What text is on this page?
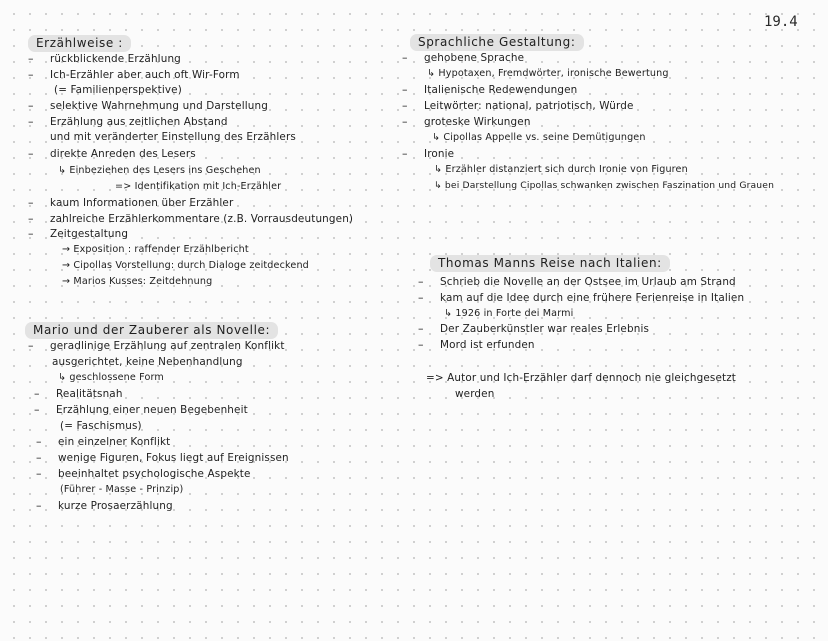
19.4
Erzählweise :
– rückblickende Erzählung
– Ich-Erzähler aber auch oft Wir-Form
(= Familienperspektive)
– selektive Wahrnehmung und Darstellung
– Erzählung aus zeitlichen Abstand
und mit veränderter Einstellung des Erzählers
– direkte Anreden des Lesers
↳ Einbeziehen des Lesers ins Geschehen
=> Identifikation mit Ich-Erzähler
– kaum Informationen über Erzähler
– zahlreiche Erzählerkommentare (z.B. Vorrausdeutungen)
– Zeitgestaltung
→ Exposition : raffender Erzählbericht
→ Cipollas Vorstellung: durch Dialoge zeitdeckend
→ Marios Kusses: Zeitdehnung
Mario und der Zauberer als Novelle:
– geradlinige Erzählung auf zentralen Konflikt
ausgerichtet, keine Nebenhandlung
↳ geschlossene Form
– Realitätsnah
– Erzählung einer neuen Begebenheit
(= Faschismus)
– ein einzelner Konflikt
– wenige Figuren, Fokus liegt auf Ereignissen
– beeinhaltet psychologische Aspekte
(Führer - Masse - Prinzip)
– kurze Prosaerzählung
Sprachliche Gestaltung:
– gehobene Sprache
↳ Hypotaxen, Fremdwörter, ironische Bewertung
– Italienische Redewendungen
– Leitwörter: national, patriotisch, Würde
– groteske Wirkungen
↳ Cipollas Appelle vs. seine Demütigungen
– Ironie
↳ Erzähler distanziert sich durch Ironie von Figuren
↳ bei Darstellung Cipollas schwanken zwischen Faszination und Grauen
Thomas Manns Reise nach Italien:
– Schrieb die Novelle an der Ostsee im Urlaub am Strand
– kam auf die Idee durch eine frühere Ferienreise in Italien
↳ 1926 in Forte dei Marmi
– Der Zauberkünstler war reales Erlebnis
– Mord ist erfunden
=> Autor und Ich-Erzähler darf dennoch nie gleichgesetzt
werden
